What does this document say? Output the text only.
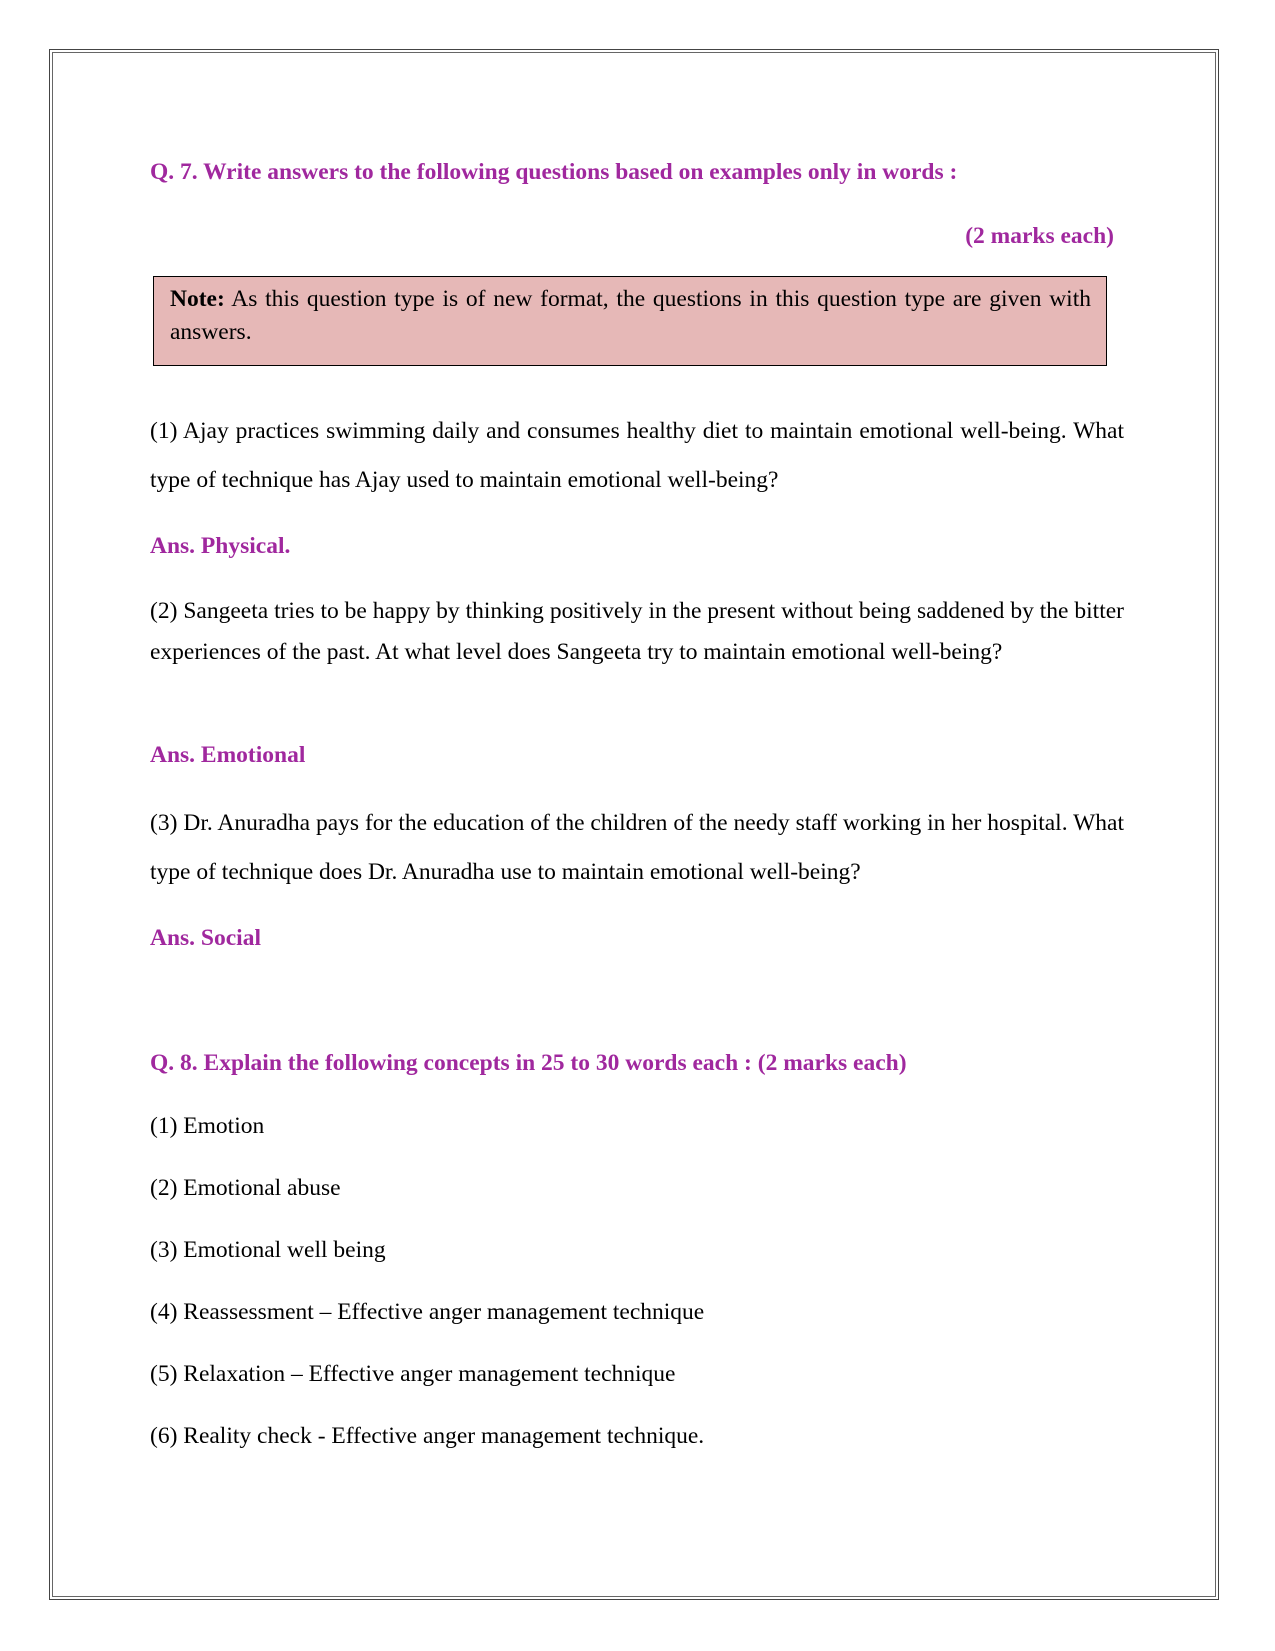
Q. 7. Write answers to the following questions based on examples only in words :
(2 marks each)
Note: As this question type is of new format, the questions in this question type are given with answers.
(1) Ajay practices swimming daily and consumes healthy diet to maintain emotional well-being. What type of technique has Ajay used to maintain emotional well-being?
Ans. Physical.
(2) Sangeeta tries to be happy by thinking positively in the present without being saddened by the bitter experiences of the past. At what level does Sangeeta try to maintain emotional well-being?
Ans. Emotional
(3) Dr. Anuradha pays for the education of the children of the needy staff working in her hospital. What type of technique does Dr. Anuradha use to maintain emotional well-being?
Ans. Social
Q. 8. Explain the following concepts in 25 to 30 words each : (2 marks each)
(1) Emotion
(2) Emotional abuse
(3) Emotional well being
(4) Reassessment – Effective anger management technique
(5) Relaxation – Effective anger management technique
(6) Reality check - Effective anger management technique.
